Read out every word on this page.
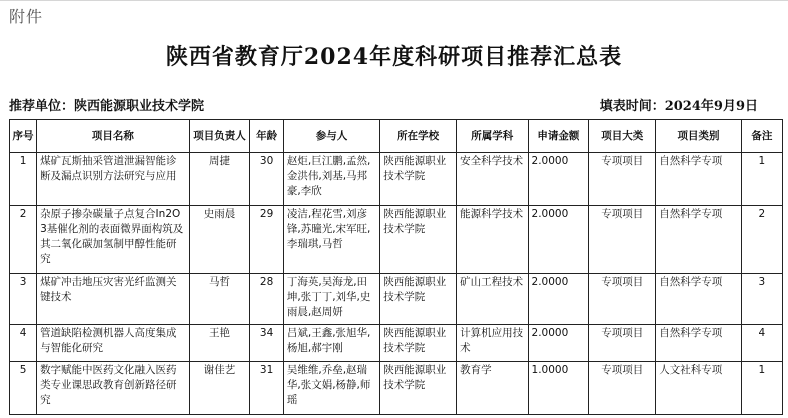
附件
陕西省教育厅2024年度科研项目推荐汇总表
推荐单位：陕西能源职业技术学院	填表时间：2024年9月9日
序号	项目名称	项目负责人	年龄	参与人	所在学校	所属学科	申请金额	项目大类	项目类别	备注
1	煤矿瓦斯抽采管道泄漏智能诊断及漏点识别方法研究与应用	周捷	30	赵炬,巨江鹏,孟然,金洪伟,刘基,马邦豪,李欣	陕西能源职业技术学院	安全科学技术	2.0000	专项项目	自然科学专项	1
2	杂原子掺杂碳量子点复合In2O3基催化剂的表面微界面构筑及其二氧化碳加氢制甲醇性能研究	史雨晨	29	凌洁,程花雪,刘彦锋,苏曈光,宋军旺,李瑞琪,马哲	陕西能源职业技术学院	能源科学技术	2.0000	专项项目	自然科学专项	2
3	煤矿冲击地压灾害光纤监测关键技术	马哲	28	丁海英,吴海龙,田坤,张丁丁,刘华,史雨晨,赵周妍	陕西能源职业技术学院	矿山工程技术	2.0000	专项项目	自然科学专项	3
4	管道缺陷检测机器人高度集成与智能化研究	王艳	34	吕斌,王鑫,张旭华,杨旭,郝宇刚	陕西能源职业技术学院	计算机应用技术	2.0000	专项项目	自然科学专项	4
5	数字赋能中医药文化融入医药类专业课思政教育创新路径研究	谢佳艺	31	吴维维,乔垒,赵瑞华,张文娟,杨静,师瑶	陕西能源职业技术学院	教育学	1.0000	专项项目	人文社科专项	1
